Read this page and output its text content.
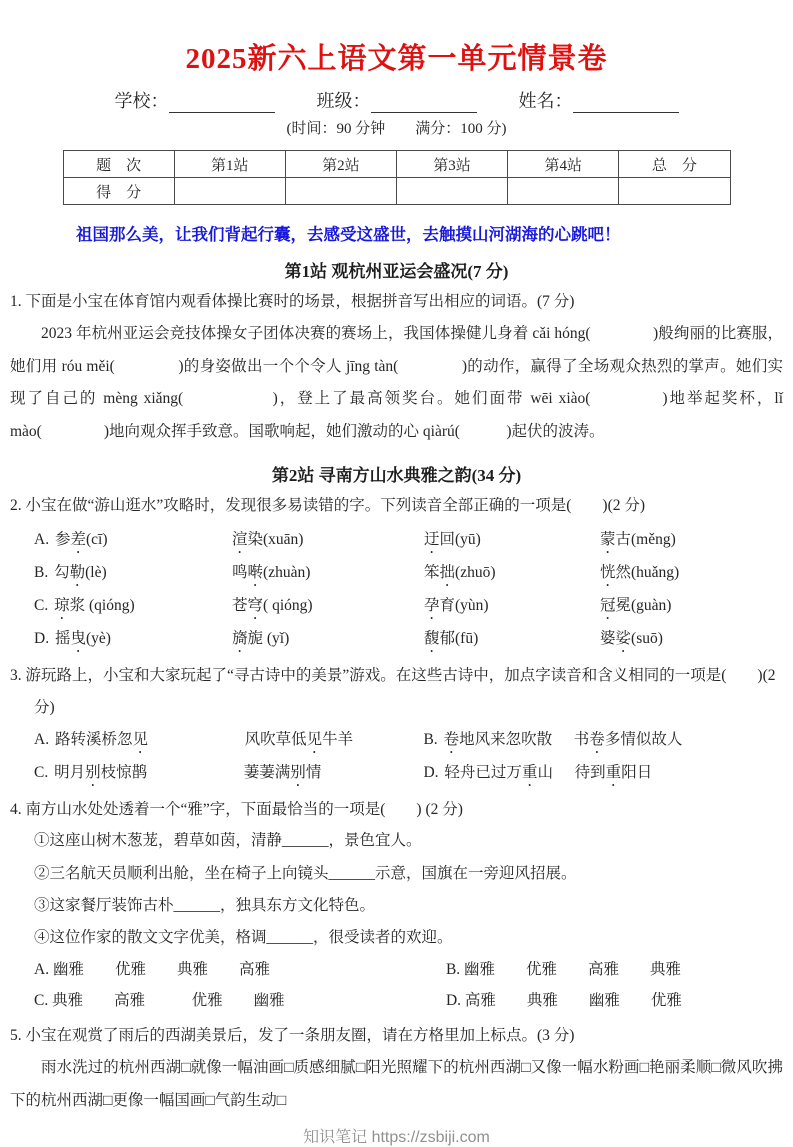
2025新六上语文第一单元情景卷
学校：	班级：	姓名：
(时间：90 分钟　　满分：100 分)
题　次	第1站	第2站	第3站	第4站	总　分
得　分					

祖国那么美，让我们背起行囊，去感受这盛世，去触摸山河湖海的心跳吧！

第1站 观杭州亚运会盛况(7 分)

1. 下面是小宝在体育馆内观看体操比赛时的场景，根据拼音写出相应的词语。(7 分)

2023 年杭州亚运会竞技体操女子团体决赛的赛场上，我国体操健儿身着 cǎi hóng(　　　　)般绚丽的比赛服，她们用 róu měi(　　　　)的身姿做出一个个令人 jīng tàn(　　　　)的动作，赢得了全场观众热烈的掌声。她们实现了自己的 mèng xiǎng(　　　　　)，登上了最高领奖台。她们面带 wēi xiào(　　　　)地举起奖杯，lǐ mào(　　　　)地向观众挥手致意。国歌响起，她们激动的心 qiàrú(　　　)起伏的波涛。

第2站 寻南方山水典雅之韵(34 分)

2. 小宝在做“游山逛水”攻略时，发现很多易读错的字。下列读音全部正确的一项是(　　)(2 分)

A. 参差(cī)	渲染(xuān)	迂回(yū)	蒙古(měng)
B. 勾勒(lè)	鸣啭(zhuàn)	笨拙(zhuō)	恍然(huǎng)
C. 琼浆 (qióng)	苍穹( qióng)	孕育(yùn)	冠冕(guàn)
D. 摇曳(yè)	旖旎 (yǐ)	馥郁(fū)	婆娑(suō)

3. 游玩路上，小宝和大家玩起了“寻古诗中的美景”游戏。在这些古诗中，加点字读音和含义相同的一项是(　　)(2 分)

A. 路转溪桥忽见	风吹草低见牛羊	B. 卷地风来忽吹散 书卷多情似故人
C. 明月别枝惊鹊	萋萋满别情	D. 轻舟已过万重山 待到重阳日

4. 南方山水处处透着一个“雅”字，下面最恰当的一项是(　　) (2 分)

①这座山树木葱茏，碧草如茵，清静______，景色宜人。

②三名航天员顺利出舱，坐在椅子上向镜头______示意，国旗在一旁迎风招展。

③这家餐厅装饰古朴______，独具东方文化特色。

④这位作家的散文文字优美，格调______，很受读者的欢迎。

A. 幽雅　　优雅　　典雅　　高雅	B. 幽雅　　优雅　　高雅　　典雅
C. 典雅　　高雅　　　优雅　　幽雅	D. 高雅　　典雅　　幽雅　　优雅

5. 小宝在观赏了雨后的西湖美景后，发了一条朋友圈，请在方格里加上标点。(3 分)

雨水洗过的杭州西湖□就像一幅油画□质感细腻□阳光照耀下的杭州西湖□又像一幅水粉画□艳丽柔顺□微风吹拂下的杭州西湖□更像一幅国画□气韵生动□

知识笔记 https://zsbiji.com
